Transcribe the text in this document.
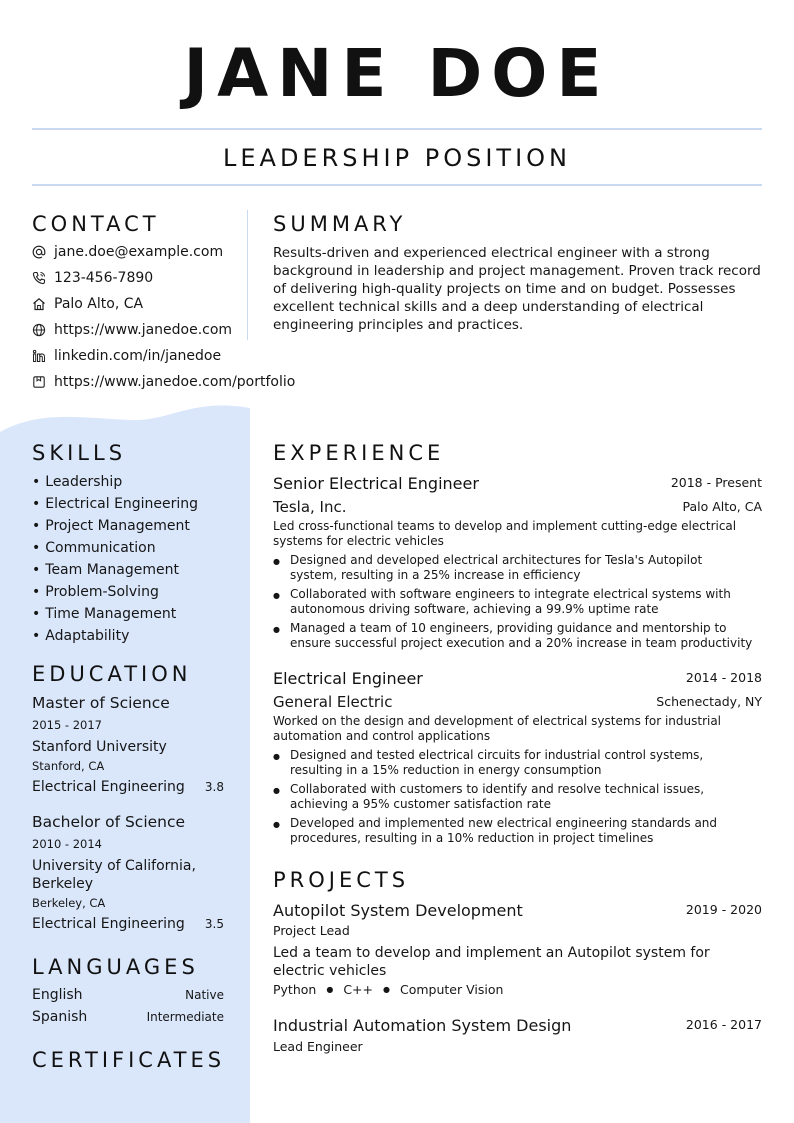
JANE DOE
LEADERSHIP POSITION
CONTACT
jane.doe@example.com
123-456-7890
Palo Alto, CA
https://www.janedoe.com
linkedin.com/in/janedoe
https://www.janedoe.com/portfolio
SUMMARY
Results-driven and experienced electrical engineer with a strong background in leadership and project management. Proven track record of delivering high-quality projects on time and on budget. Possesses excellent technical skills and a deep understanding of electrical engineering principles and practices.
SKILLS
• Leadership
• Electrical Engineering
• Project Management
• Communication
• Team Management
• Problem-Solving
• Time Management
• Adaptability
EDUCATION
Master of Science
2015 - 2017
Stanford University
Stanford, CA
Electrical Engineering	3.8
Bachelor of Science
2010 - 2014
University of California, Berkeley
Berkeley, CA
Electrical Engineering	3.5
LANGUAGES
English	Native
Spanish	Intermediate
CERTIFICATES
EXPERIENCE
Senior Electrical Engineer	2018 - Present
Tesla, Inc.	Palo Alto, CA
Led cross-functional teams to develop and implement cutting-edge electrical systems for electric vehicles
● Designed and developed electrical architectures for Tesla's Autopilot system, resulting in a 25% increase in efficiency
● Collaborated with software engineers to integrate electrical systems with autonomous driving software, achieving a 99.9% uptime rate
● Managed a team of 10 engineers, providing guidance and mentorship to ensure successful project execution and a 20% increase in team productivity
Electrical Engineer	2014 - 2018
General Electric	Schenectady, NY
Worked on the design and development of electrical systems for industrial automation and control applications
● Designed and tested electrical circuits for industrial control systems, resulting in a 15% reduction in energy consumption
● Collaborated with customers to identify and resolve technical issues, achieving a 95% customer satisfaction rate
● Developed and implemented new electrical engineering standards and procedures, resulting in a 10% reduction in project timelines
PROJECTS
Autopilot System Development	2019 - 2020
Project Lead
Led a team to develop and implement an Autopilot system for electric vehicles
Python ● C++ ● Computer Vision
Industrial Automation System Design	2016 - 2017
Lead Engineer
